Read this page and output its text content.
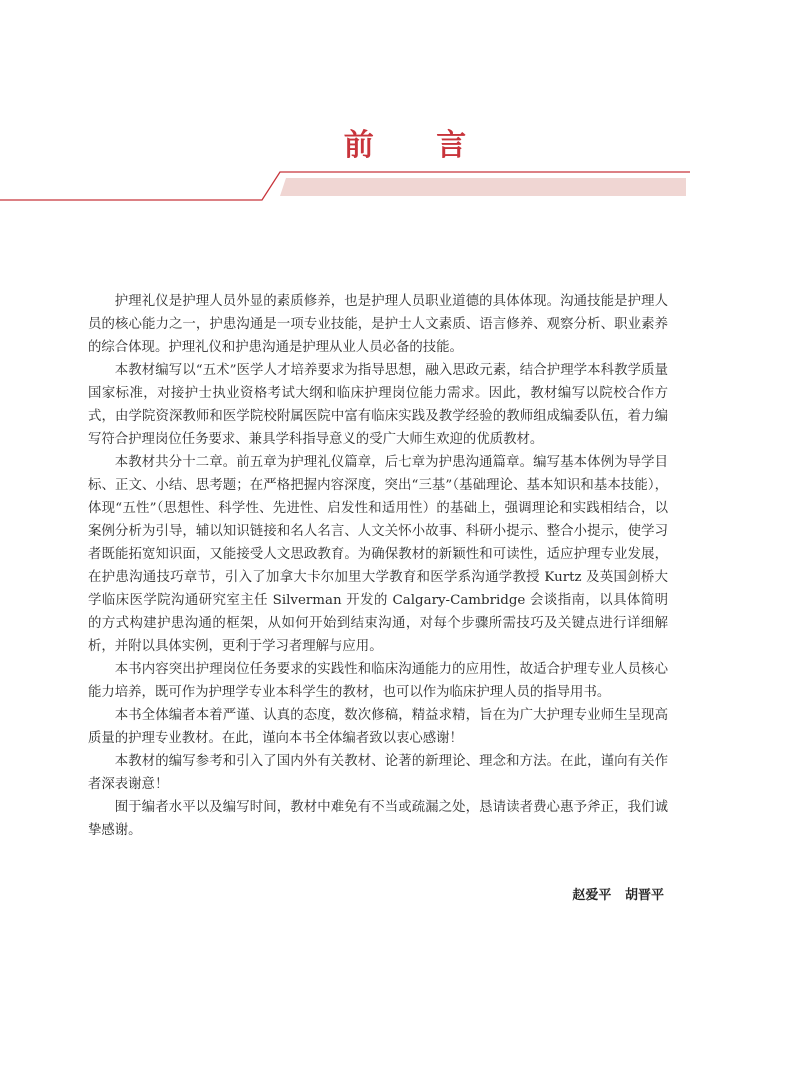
前 言

护理礼仪是护理人员外显的素质修养，也是护理人员职业道德的具体体现。沟通技能是护理人员的核心能力之一，护患沟通是一项专业技能，是护士人文素质、语言修养、观察分析、职业素养的综合体现。护理礼仪和护患沟通是护理从业人员必备的技能。

本教材编写以“五术”医学人才培养要求为指导思想，融入思政元素，结合护理学本科教学质量国家标准，对接护士执业资格考试大纲和临床护理岗位能力需求。因此，教材编写以院校合作方式，由学院资深教师和医学院校附属医院中富有临床实践及教学经验的教师组成编委队伍，着力编写符合护理岗位任务要求、兼具学科指导意义的受广大师生欢迎的优质教材。

本教材共分十二章。前五章为护理礼仪篇章，后七章为护患沟通篇章。编写基本体例为导学目标、正文、小结、思考题；在严格把握内容深度，突出“三基”（基础理论、基本知识和基本技能），体现“五性”（思想性、科学性、先进性、启发性和适用性）的基础上，强调理论和实践相结合，以案例分析为引导，辅以知识链接和名人名言、人文关怀小故事、科研小提示、整合小提示，使学习者既能拓宽知识面，又能接受人文思政教育。为确保教材的新颖性和可读性，适应护理专业发展，在护患沟通技巧章节，引入了加拿大卡尔加里大学教育和医学系沟通学教授 Kurtz 及英国剑桥大学临床医学院沟通研究室主任 Silverman 开发的 Calgary-Cambridge 会谈指南，以具体简明的方式构建护患沟通的框架，从如何开始到结束沟通，对每个步骤所需技巧及关键点进行详细解析，并附以具体实例，更利于学习者理解与应用。

本书内容突出护理岗位任务要求的实践性和临床沟通能力的应用性，故适合护理专业人员核心能力培养，既可作为护理学专业本科学生的教材，也可以作为临床护理人员的指导用书。

本书全体编者本着严谨、认真的态度，数次修稿，精益求精，旨在为广大护理专业师生呈现高质量的护理专业教材。在此，谨向本书全体编者致以衷心感谢！

本教材的编写参考和引入了国内外有关教材、论著的新理论、理念和方法。在此，谨向有关作者深表谢意！

囿于编者水平以及编写时间，教材中难免有不当或疏漏之处，恳请读者费心惠予斧正，我们诚挚感谢。

赵爱平   胡晋平
